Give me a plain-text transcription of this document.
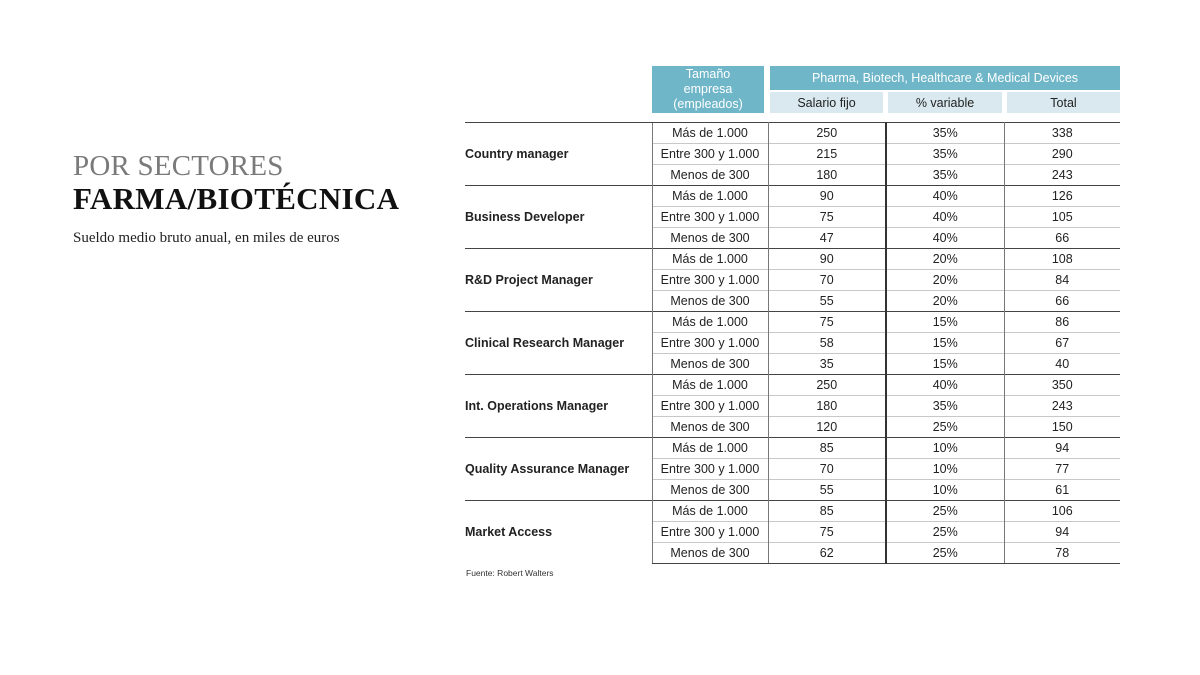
POR SECTORES
FARMA/BIOTÉCNICA
Sueldo medio bruto anual, en miles de euros
Tamaño empresa (empleados)
Pharma, Biotech, Healthcare & Medical Devices
Salario fijo	% variable	Total
Country manager	Más de 1.000	250	35%	338
	Entre 300 y 1.000	215	35%	290
	Menos de 300	180	35%	243
Business Developer	Más de 1.000	90	40%	126
	Entre 300 y 1.000	75	40%	105
	Menos de 300	47	40%	66
R&D Project Manager	Más de 1.000	90	20%	108
	Entre 300 y 1.000	70	20%	84
	Menos de 300	55	20%	66
Clinical Research Manager	Más de 1.000	75	15%	86
	Entre 300 y 1.000	58	15%	67
	Menos de 300	35	15%	40
Int. Operations Manager	Más de 1.000	250	40%	350
	Entre 300 y 1.000	180	35%	243
	Menos de 300	120	25%	150
Quality Assurance Manager	Más de 1.000	85	10%	94
	Entre 300 y 1.000	70	10%	77
	Menos de 300	55	10%	61
Market Access	Más de 1.000	85	25%	106
	Entre 300 y 1.000	75	25%	94
	Menos de 300	62	25%	78
Fuente: Robert Walters
